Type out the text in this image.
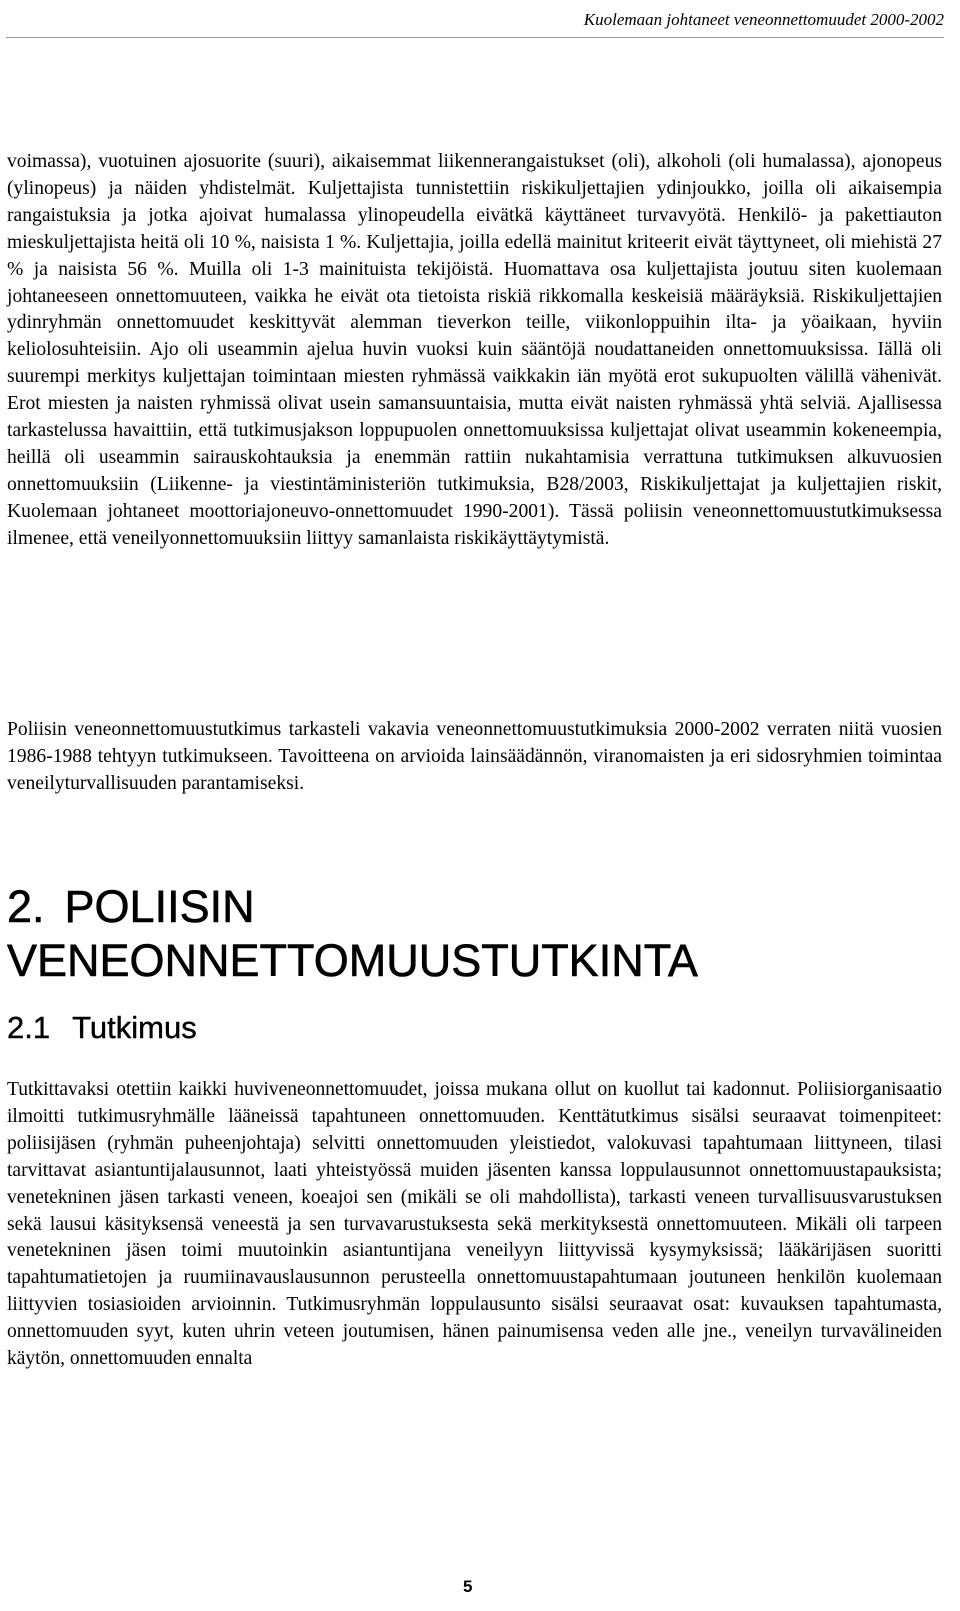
Kuolemaan johtaneet veneonnettomuudet 2000-2002

voimassa), vuotuinen ajosuorite (suuri), aikaisemmat liikennerangaistukset (oli), alkoholi (oli humalassa), ajonopeus (ylinopeus) ja näiden yhdistelmät. Kuljettajista tunnistettiin riskikuljettajien ydinjoukko, joilla oli aikaisempia rangaistuksia ja jotka ajoivat humalassa ylinopeudella eivätkä käyttäneet turvavyötä. Henkilö- ja pakettiauton mieskuljettajista heitä oli 10 %, naisista 1 %. Kuljettajia, joilla edellä mainitut kriteerit eivät täyttyneet, oli miehistä 27 % ja naisista 56 %. Muilla oli 1-3 mainituista tekijöistä. Huomattava osa kuljettajista joutuu siten kuolemaan johtaneeseen onnettomuuteen, vaikka he eivät ota tietoista riskiä rikkomalla keskeisiä määräyksiä. Riskikuljettajien ydinryhmän onnettomuudet keskittyvät alemman tieverkon teille, viikonloppuihin ilta- ja yöaikaan, hyviin keliolosuhteisiin. Ajo oli useammin ajelua huvin vuoksi kuin sääntöjä noudattaneiden onnettomuuksissa. Iällä oli suurempi merkitys kuljettajan toimintaan miesten ryhmässä vaikkakin iän myötä erot sukupuolten välillä vähenivät. Erot miesten ja naisten ryhmissä olivat usein samansuuntaisia, mutta eivät naisten ryhmässä yhtä selviä. Ajallisessa tarkastelussa havaittiin, että tutkimusjakson loppupuolen onnettomuuksissa kuljettajat olivat useammin kokeneempia, heillä oli useammin sairauskohtauksia ja enemmän rattiin nukahtamisia verrattuna tutkimuksen alkuvuosien onnettomuuksiin (Liikenne- ja viestintäministeriön tutkimuksia, B28/2003, Riskikuljettajat ja kuljettajien riskit, Kuolemaan johtaneet moottoriajoneuvo-onnettomuudet 1990-2001). Tässä poliisin veneonnettomuustutkimuksessa ilmenee, että veneilyonnettomuuksiin liittyy samanlaista riskikäyttäytymistä.

Poliisin veneonnettomuustutkimus tarkasteli vakavia veneonnettomuustutkimuksia 2000-2002 verraten niitä vuosien 1986-1988 tehtyyn tutkimukseen. Tavoitteena on arvioida lainsäädännön, viranomaisten ja eri sidosryhmien toimintaa veneilyturvallisuuden parantamiseksi.

2. POLIISIN
VENEONNETTOMUUSTUTKINTA
2.1 Tutkimus

Tutkittavaksi otettiin kaikki huviveneonnettomuudet, joissa mukana ollut on kuollut tai kadonnut. Poliisiorganisaatio ilmoitti tutkimusryhmälle lääneissä tapahtuneen onnettomuuden. Kenttätutkimus sisälsi seuraavat toimenpiteet: poliisijäsen (ryhmän puheenjohtaja) selvitti onnettomuuden yleistiedot, valokuvasi tapahtumaan liittyneen, tilasi tarvittavat asiantuntijalausunnot, laati yhteistyössä muiden jäsenten kanssa loppulausunnot onnettomuustapauksista; venetekninen jäsen tarkasti veneen, koeajoi sen (mikäli se oli mahdollista), tarkasti veneen turvallisuusvarustuksen sekä lausui käsityksensä veneestä ja sen turvavarustuksesta sekä merkityksestä onnettomuuteen. Mikäli oli tarpeen venetekninen jäsen toimi muutoinkin asiantuntijana veneilyyn liittyvissä kysymyksissä; lääkärijäsen suoritti tapahtumatietojen ja ruumiinavauslausunnon perusteella onnettomuustapahtumaan joutuneen henkilön kuolemaan liittyvien tosiasioiden arvioinnin. Tutkimusryhmän loppulausunto sisälsi seuraavat osat: kuvauksen tapahtumasta, onnettomuuden syyt, kuten uhrin veteen joutumisen, hänen painumisensa veden alle jne., veneilyn turvavälineiden käytön, onnettomuuden ennalta

5
